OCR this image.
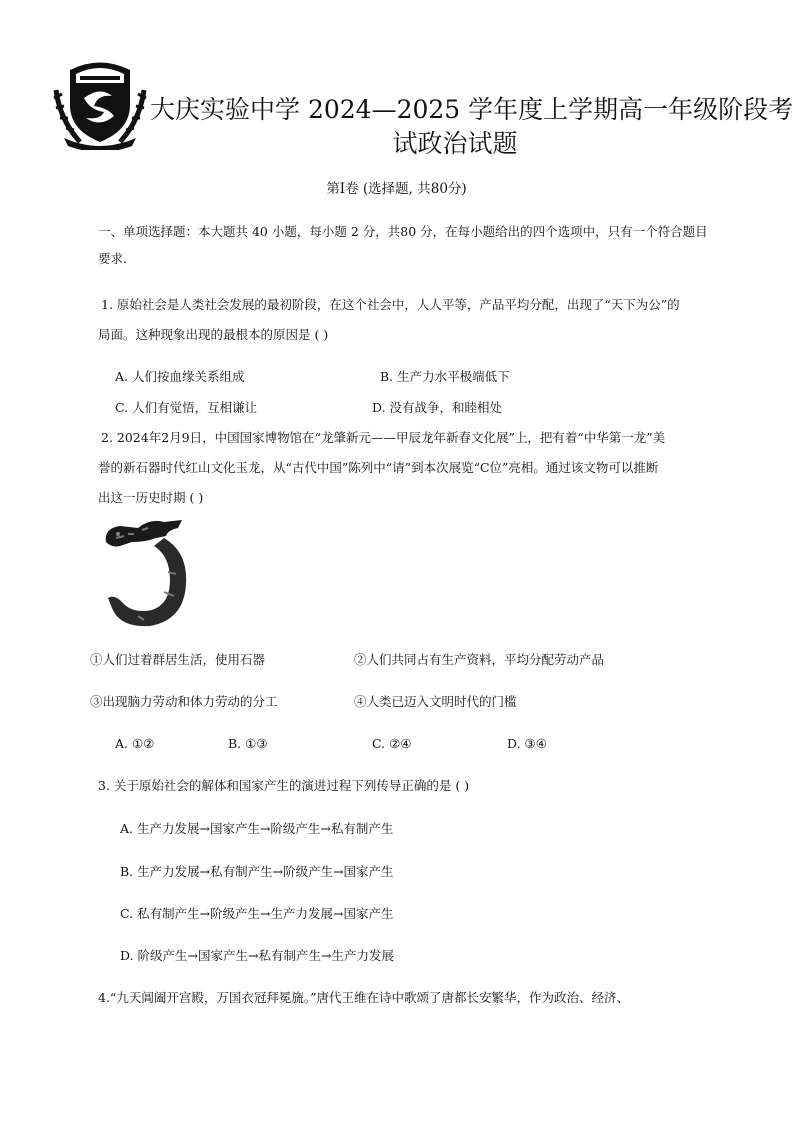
大庆实验中学 2024—2025 学年度上学期高一年级阶段考
试政治试题
第Ⅰ卷 (选择题, 共80分)
一、单项选择题：本大题共 40 小题，每小题 2 分，共80 分，在每小题给出的四个选项中，只有一个符合题目
要求.
1. 原始社会是人类社会发展的最初阶段，在这个社会中，人人平等，产品平均分配，出现了“天下为公”的
局面。这种现象出现的最根本的原因是 ( )
A. 人们按血缘关系组成	B. 生产力水平极端低下
C. 人们有觉悟，互相谦让	D. 没有战争，和睦相处
2. 2024年2月9日，中国国家博物馆在“龙肇新元——甲辰龙年新春文化展”上，把有着“中华第一龙”美
誉的新石器时代红山文化玉龙，从“古代中国”陈列中“请”到本次展览“C位”亮相。通过该文物可以推断
出这一历史时期 ( )
①人们过着群居生活，使用石器	②人们共同占有生产资料，平均分配劳动产品
③出现脑力劳动和体力劳动的分工	④人类已迈入文明时代的门槛
A. ①②	B. ①③	C. ②④	D. ③④
3. 关于原始社会的解体和国家产生的演进过程下列传导正确的是 ( )
A. 生产力发展→国家产生→阶级产生→私有制产生
B. 生产力发展→私有制产生→阶级产生→国家产生
C. 私有制产生→阶级产生→生产力发展→国家产生
D. 阶级产生→国家产生→私有制产生→生产力发展
4.“九天阊阖开宫殿，万国衣冠拜冕旒。”唐代王维在诗中歌颂了唐都长安繁华，作为政治、经济、
